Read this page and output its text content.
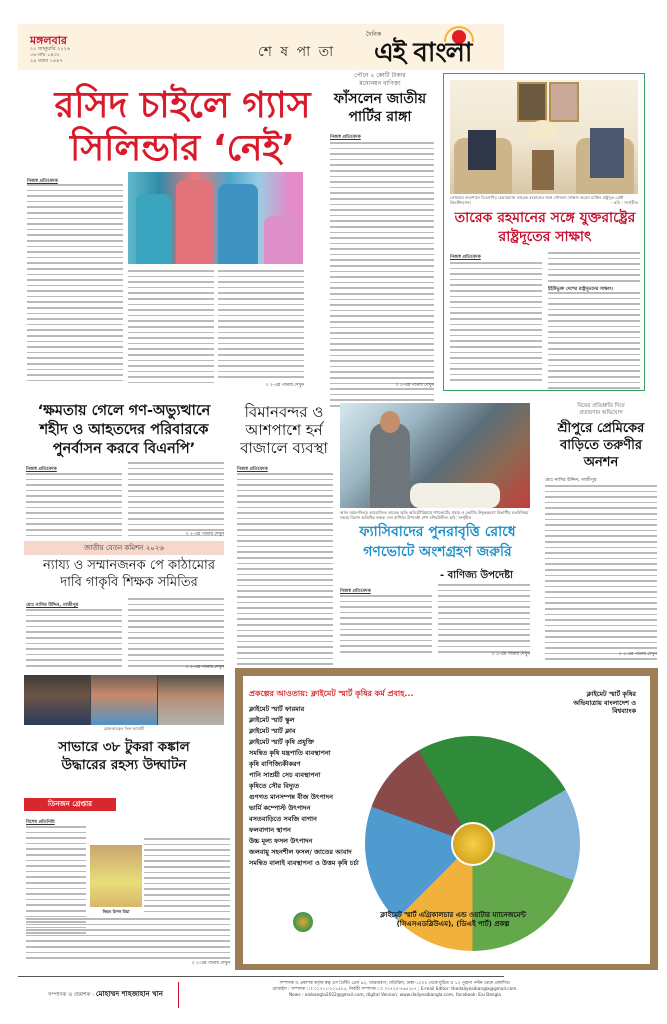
মঙ্গলবার
২০ জানুয়ারি ২০২৬
০৬ মাঘ ১৪৩২
২৯ রজব ১৪৪৭
শে ষ পা তা
দৈনিক
এই বাংলা
রসিদ চাইলে গ্যাস
সিলিন্ডার ‘নেই’
নিজস্ব প্রতিবেদক
০ ২-এর পাতায় দেখুন
পৌনে ২ কোটি টাকার
মনোনয়ন বাণিজ্য
ফাঁসলেন জাতীয়
পার্টির রাঙ্গা
নিজস্ব প্রতিবেদক
০ ২-এর পাতায় দেখুন
সোমবার গুলশানে বিএনপির চেয়ারম্যান তারেক রহমানের সঙ্গে সৌজন্য সাক্ষাৎ করেন মার্কিন রাষ্ট্রদূত ব্রেন্ট ক্রিস্টেনসেন।	- ছবি : সংগৃহীত
তারেক রহমানের সঙ্গে যুক্তরাষ্ট্রের
রাষ্ট্রদূতের সাক্ষাৎ
নিজস্ব প্রতিবেদক
ইইউভুক্ত দেশের রাষ্ট্রদূতদের সাক্ষাৎ।
‘ক্ষমতায় গেলে গণ-অভ্যুত্থানে
শহীদ ও আহতদের পরিবারকে
পুনর্বাসন করবে বিএনপি’
নিজস্ব প্রতিবেদক
০ ২-এর পাতায় দেখুন
বিমানবন্দর ও
আশপাশে হর্ন
বাজালে ব্যবস্থা
নিজস্ব প্রতিবেদক
আজ ময়মনসিংহে আয়োজিত তারেক স্মৃতি অডিটোরিয়ামে গণভোটের প্রচার ও ভোটার উদ্বুদ্ধকরণে বিভাগীয় মতবিনিময় সভায় বিশেষ অতিথির বক্তব্য দেন বাণিজ্য উপদেষ্টা শেখ বশিরউদ্দীন। ছবি: সংগৃহীত
ফ্যাসিবাদের পুনরাবৃত্তি রোধে
গণভোটে অংশগ্রহণ জরুরি
- বাণিজ্য উপদেষ্টা
নিজস্ব প্রতিবেদক
০ ২-এর পাতায় দেখুন
বিয়ের প্রতিশ্রুতি দিয়ে
প্রতারণার অভিযোগ
শ্রীপুরে প্রেমিকের
বাড়িতে তরুণীর
অনশন
মোঃ নাসির উদ্দিন, গাজীপুর
০ ২-এর পাতায় দেখুন
জাতীয় বেতন কমিশন ২০২৬
ন্যায্য ও সম্মানজনক পে কাঠামোর
দাবি গাকৃবি শিক্ষক সমিতির
মোঃ নাসির উদ্দিন, গাজীপুর
০ ২-এর পাতায় দেখুন
গ্রেফতারকৃত তিন আসামী
সাভারে ৩৮ টুকরা কঙ্কাল
উদ্ধারের রহস্য উদ্ঘাটন
তিনজন গ্রেপ্তার
বিশেষ প্রতিনিধি
নিহত রিপন মিয়া
০ ২-এর পাতায় দেখুন
প্রকল্পের আওতায়: ক্লাইমেট স্মার্ট কৃষির কর্ম প্রবাহ...
ক্লাইমেট স্মার্ট ফারমার
ক্লাইমেট স্মার্ট স্কুল
ক্লাইমেট স্মার্ট ক্লাব
ক্লাইমেট স্মার্ট কৃষি প্রযুক্তি
সমন্বিত কৃষি যন্ত্রপাতি ব্যবস্থাপনা
কৃষি বাণিজ্যিকীকরণ
পানি সাশ্রয়ী সেচ ব্যবস্থাপনা
কৃষিতে সৌর বিদ্যুত
গুণগত মানসম্পন্ন বীজ উৎপাদন
ভার্মি কম্পোস্ট উৎপাদন
বসতবাড়িতে সবজি বাগান
ফলবাগান স্থাপন
উচ্চ মূল্য ফসল উৎপাদন
জলবায়ু সহনশীল ফসল/ জাতের আবাদ
সমন্বিত বালাই ব্যবস্থাপনা ও উত্তম কৃষি চর্চা
ক্লাইমেট স্মার্ট কৃষির অভিযাত্রায় বাংলাদেশ ও বিশ্বব্যাংক
ক্লাইমেট স্মার্ট এগ্রিকালচার এন্ড ওয়াটার ম্যানেজমেন্ট
(সিএসএডব্লিউএম), (ডিএই পার্ট) প্রকল্প
সম্পাদক ও প্রকাশক : মোহাম্মদ শাহজাহান খান
সম্পাদক ও প্রকাশক কর্তৃক স্বত্ব এস প্রিন্টিং প্রেস ৯২, আরামবাগ, মতিঝিল, ঢাকা-১০০০ থেকে মুদ্রিত ও ১২ পুরানা পল্টন থেকে প্রকাশিত।
মোবাইল : সম্পাদক ঃ ০১৭১১-১২১৫৮৫, নির্বাহী সম্পাদক ঃ ০১৭২০-৭৬৫১৮৭ ; E-mail Editor: thedailyeaibangla@gmail.com.
News : eaibangla2022@gmail.com, digital Version: www.dailyeaibangla.com, facebook: Eai Bangla
